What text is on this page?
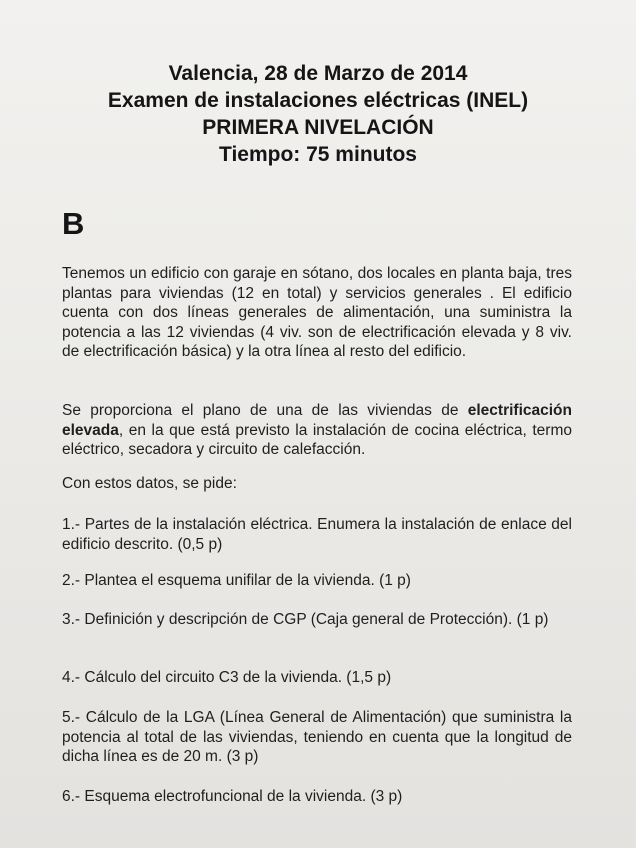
Valencia, 28 de Marzo de 2014
Examen de instalaciones eléctricas (INEL)
PRIMERA NIVELACIÓN
Tiempo: 75 minutos
B
Tenemos un edificio con garaje en sótano, dos locales en planta baja, tres plantas para viviendas (12 en total) y servicios generales . El edificio cuenta con dos líneas generales de alimentación, una suministra la potencia a las 12 viviendas (4 viv. son de electrificación elevada y 8 viv. de electrificación básica) y la otra línea al resto del edificio.
Se proporciona el plano de una de las viviendas de electrificación elevada, en la que está previsto la instalación de cocina eléctrica, termo eléctrico, secadora y circuito de calefacción.
Con estos datos, se pide:
1.- Partes de la instalación eléctrica. Enumera la instalación de enlace del edificio descrito. (0,5 p)
2.- Plantea el esquema unifilar de la vivienda. (1 p)
3.- Definición y descripción de CGP (Caja general de Protección). (1 p)
4.- Cálculo del circuito C3 de la vivienda. (1,5 p)
5.- Cálculo de la LGA (Línea General de Alimentación) que suministra la potencia al total de las viviendas, teniendo en cuenta que la longitud de dicha línea es de 20 m. (3 p)
6.- Esquema electrofuncional de la vivienda. (3 p)
